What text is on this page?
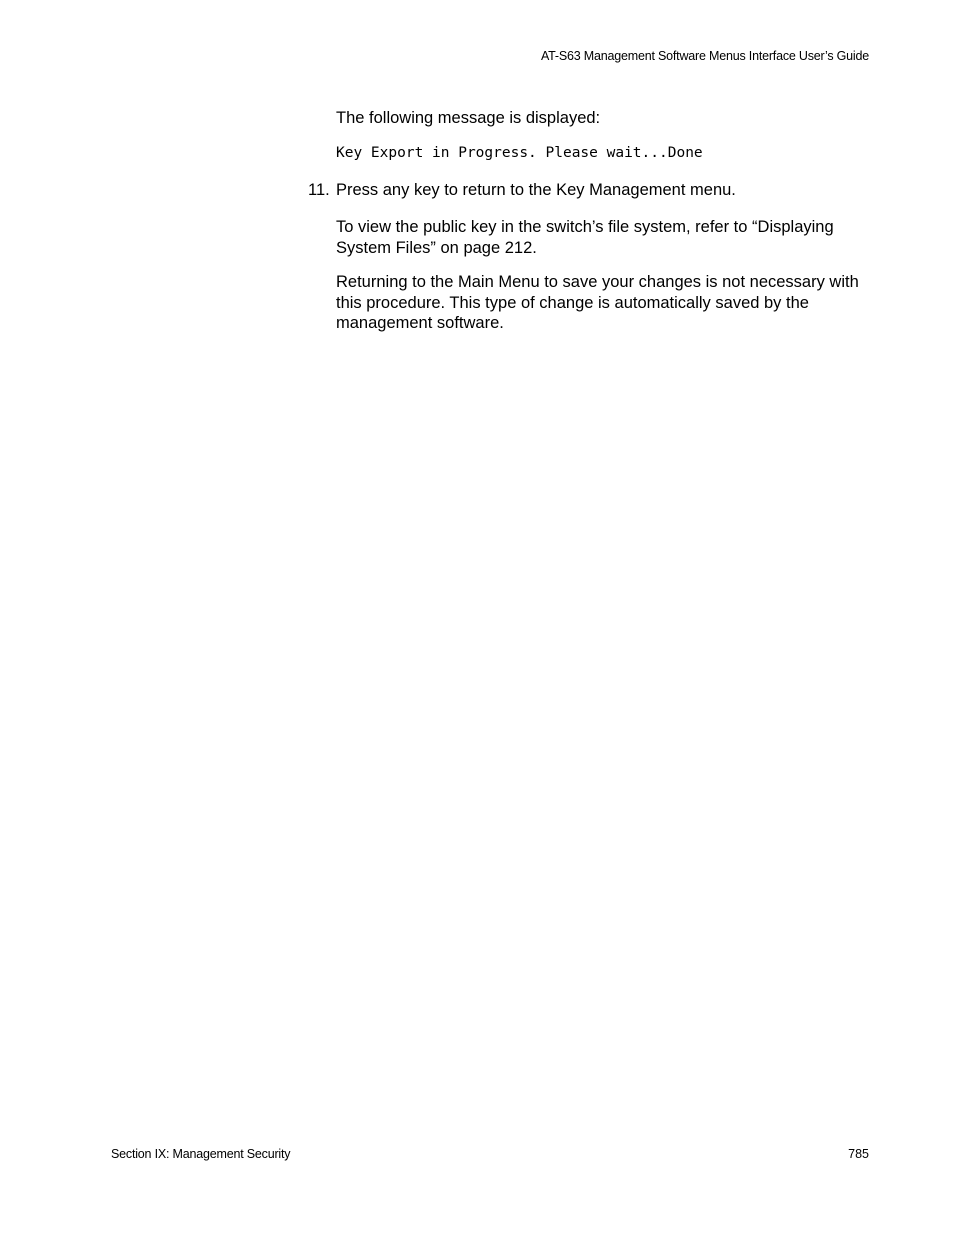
AT-S63 Management Software Menus Interface User’s Guide
The following message is displayed:
Key Export in Progress. Please wait...Done
11. Press any key to return to the Key Management menu.
To view the public key in the switch’s file system, refer to “Displaying System Files” on page 212.
Returning to the Main Menu to save your changes is not necessary with this procedure. This type of change is automatically saved by the management software.
Section IX: Management Security	785
